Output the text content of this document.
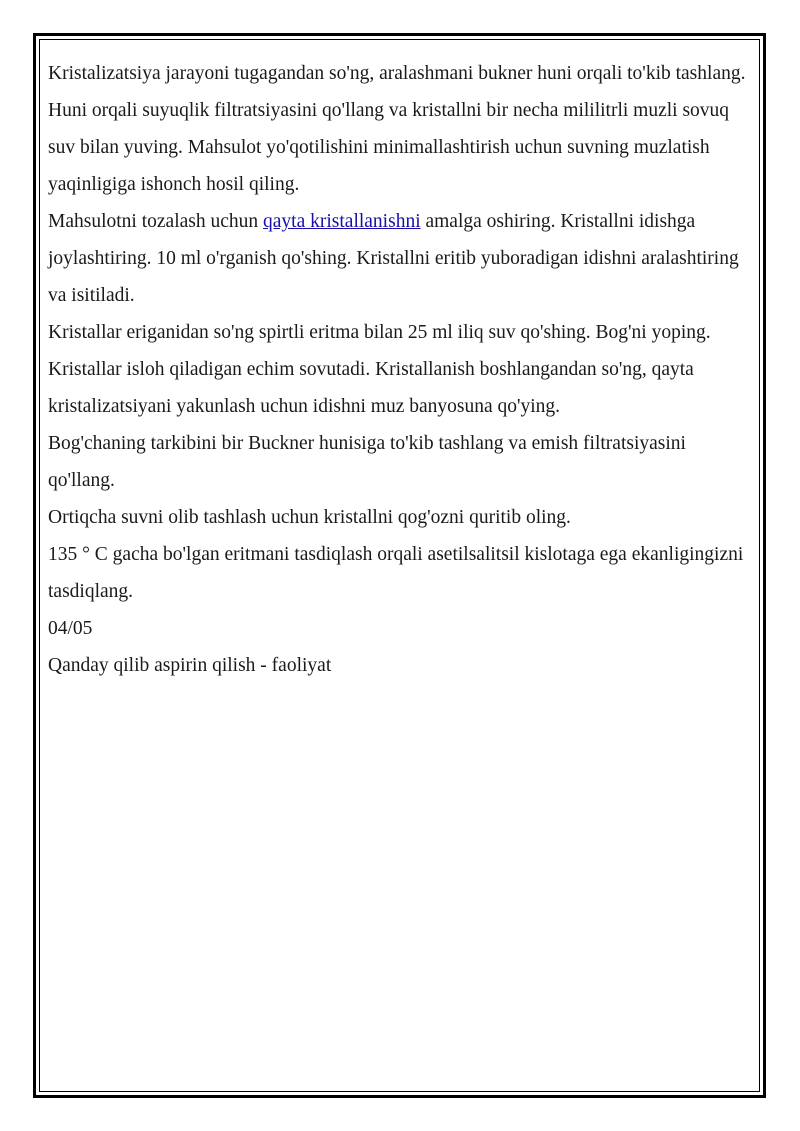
Kristalizatsiya jarayoni tugagandan so'ng, aralashmani bukner huni orqali to'kib tashlang.

Huni orqali suyuqlik filtratsiyasini qo'llang va kristallni bir necha mililitrli muzli sovuq suv bilan yuving. Mahsulot yo'qotilishini minimallashtirish uchun suvning muzlatish yaqinligiga ishonch hosil qiling.

Mahsulotni tozalash uchun qayta kristallanishni amalga oshiring. Kristallni idishga joylashtiring. 10 ml o'rganish qo'shing. Kristallni eritib yuboradigan idishni aralashtiring va isitiladi.

Kristallar eriganidan so'ng spirtli eritma bilan 25 ml iliq suv qo'shing. Bog'ni yoping. Kristallar isloh qiladigan echim sovutadi. Kristallanish boshlangandan so'ng, qayta kristalizatsiyani yakunlash uchun idishni muz banyosuna qo'ying.

Bog'chaning tarkibini bir Buckner hunisiga to'kib tashlang va emish filtratsiyasini qo'llang.

Ortiqcha suvni olib tashlash uchun kristallni qog'ozni quritib oling.

135 ° C gacha bo'lgan eritmani tasdiqlash orqali asetilsalitsil kislotaga ega ekanligingizni tasdiqlang.

04/05

Qanday qilib aspirin qilish - faoliyat
